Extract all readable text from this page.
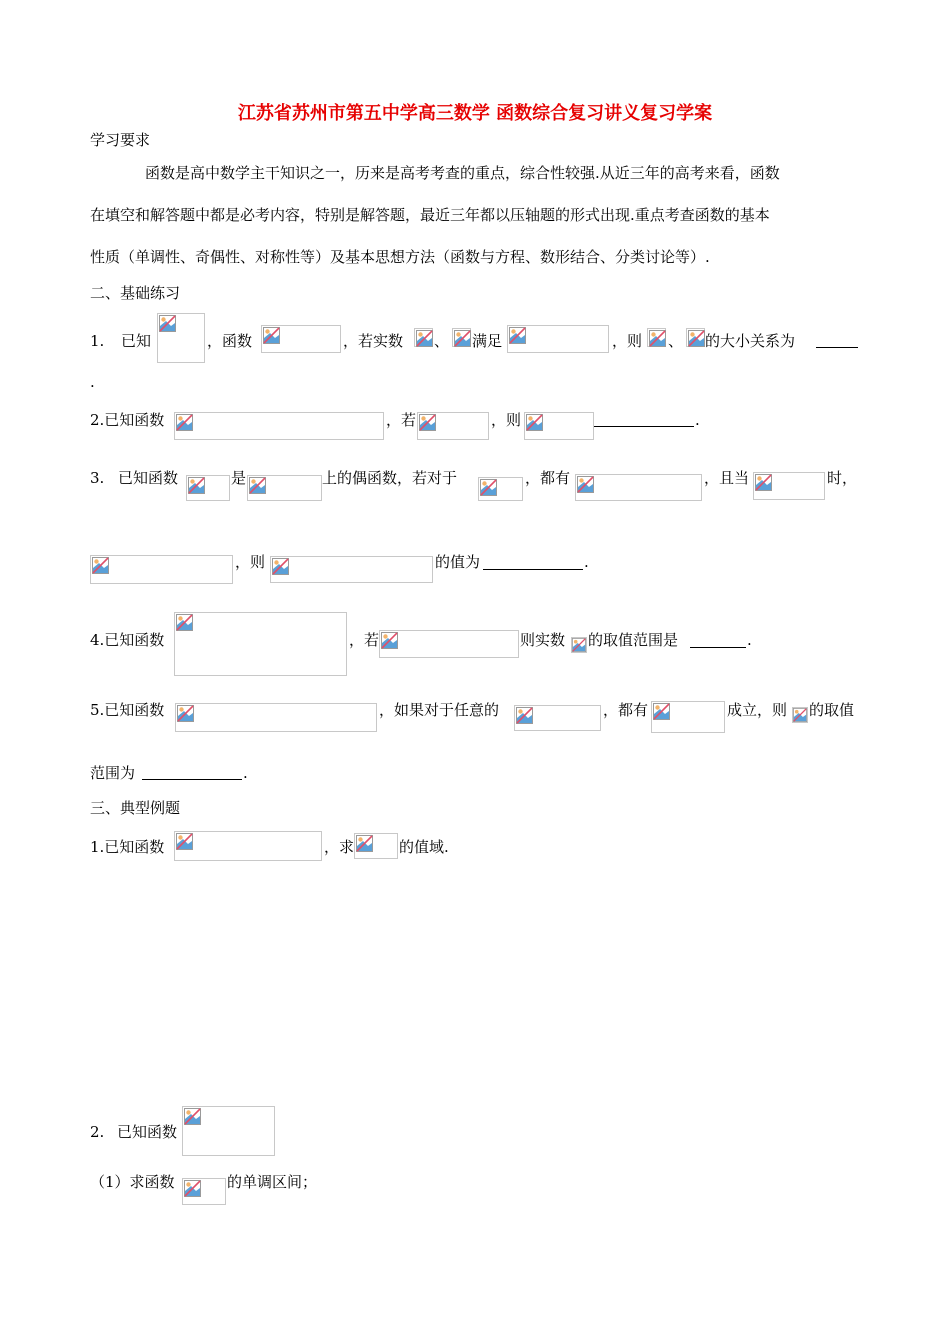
江苏省苏州市第五中学高三数学 函数综合复习讲义复习学案
学习要求
函数是高中数学主干知识之一，历来是高考考查的重点，综合性较强.从近三年的高考来看，函数
在填空和解答题中都是必考内容，特别是解答题，最近三年都以压轴题的形式出现.重点考查函数的基本
性质（单调性、奇偶性、对称性等）及基本思想方法（函数与方程、数形结合、分类讨论等）.
二、基础练习
1. 已知	，函数	，若实数 、 满足	，则 、 的大小关系为
.
2.已知函数	，若	，则	.
3. 已知函数	是	上的偶函数，若对于	，都有	，且当	时，
，则	的值为	.
4.已知函数	，若	则实数 的取值范围是	.
5.已知函数	，如果对于任意的	，都有	成立，则 的取值
范围为	.
三、典型例题
1.已知函数	，求	的值域.
2. 已知函数
（1）求函数	的单调区间；
